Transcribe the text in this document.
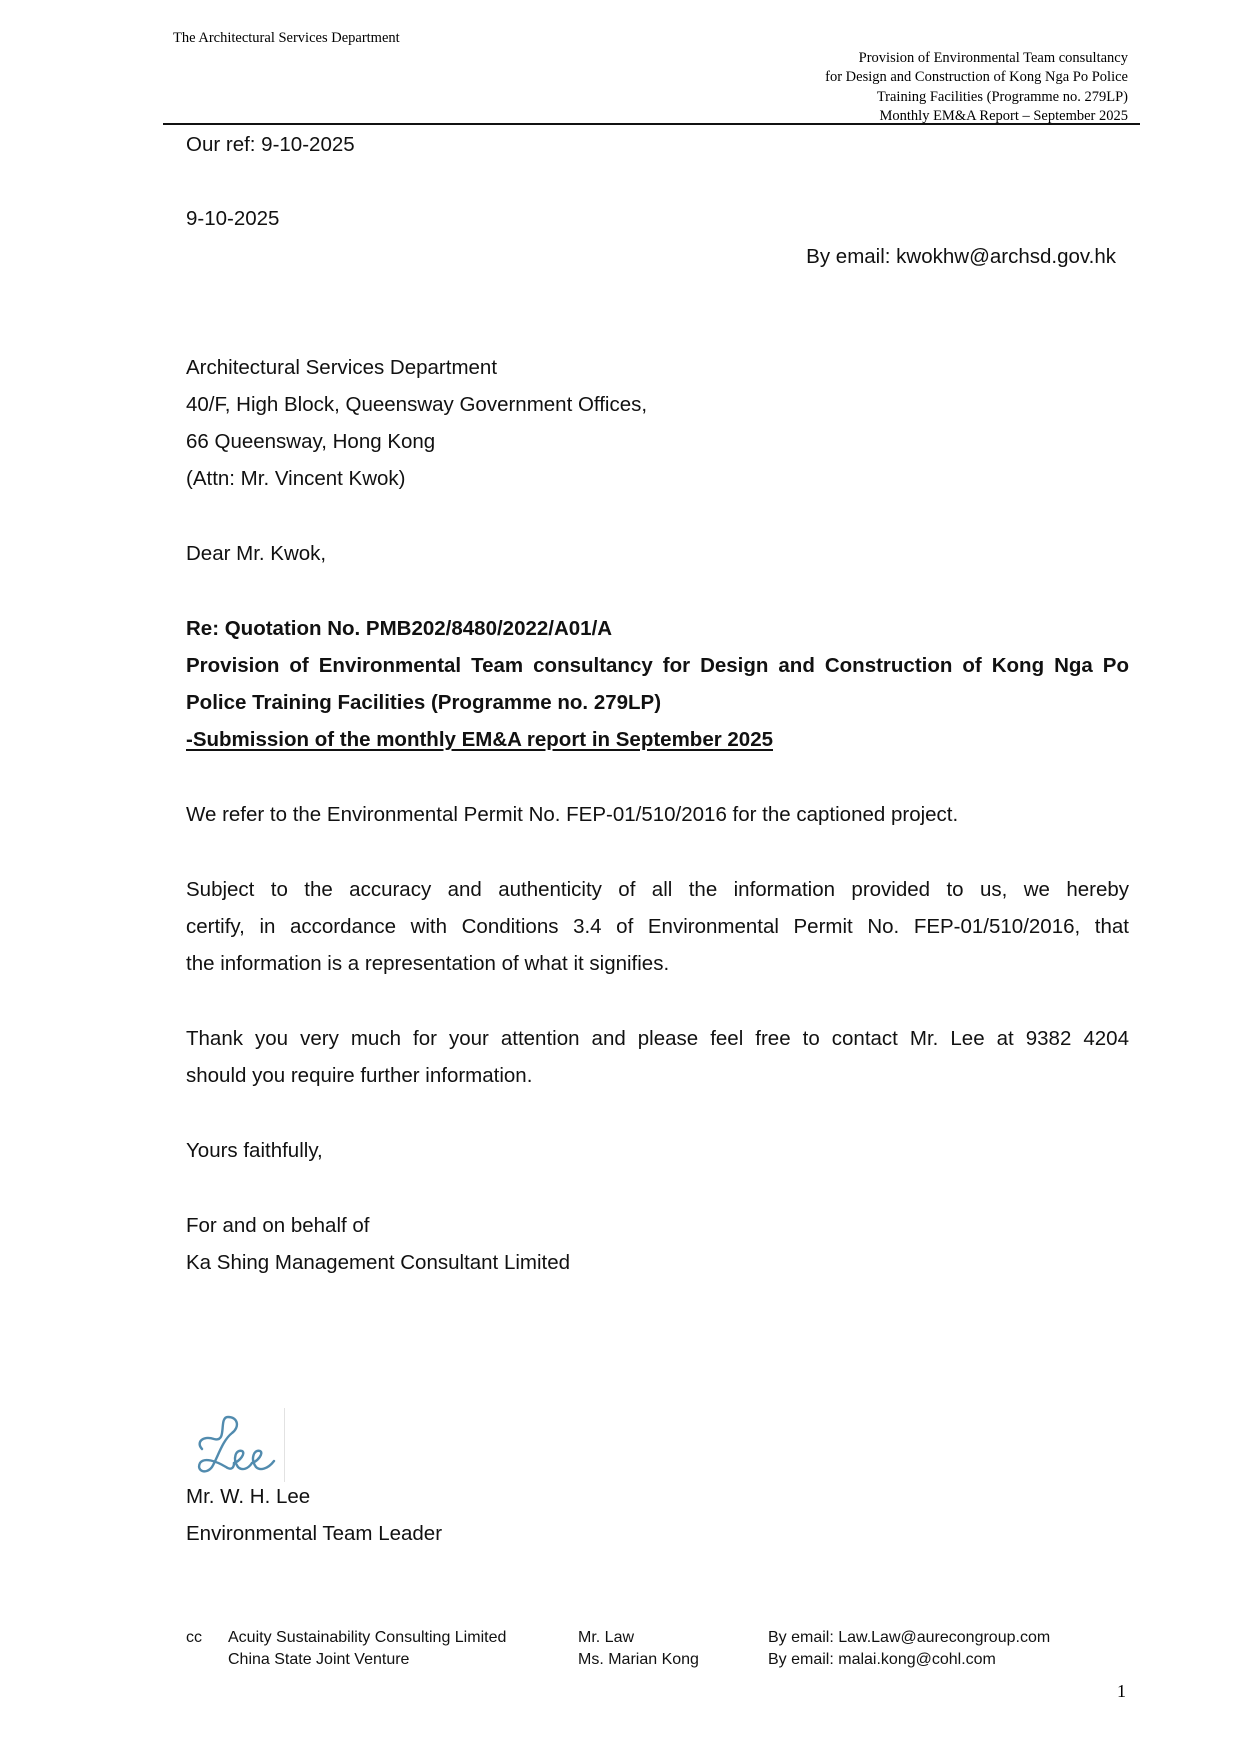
The Architectural Services Department
Provision of Environmental Team consultancy
for Design and Construction of Kong Nga Po Police
Training Facilities (Programme no. 279LP)
Monthly EM&A Report – September 2025
Our ref: 9-10-2025
9-10-2025
By email: kwokhw@archsd.gov.hk
Architectural Services Department
40/F, High Block, Queensway Government Offices,
66 Queensway, Hong Kong
(Attn: Mr. Vincent Kwok)
Dear Mr. Kwok,
Re: Quotation No. PMB202/8480/2022/A01/A
Provision of Environmental Team consultancy for Design and Construction of Kong Nga Po
Police Training Facilities (Programme no. 279LP)
-Submission of the monthly EM&A report in September 2025
We refer to the Environmental Permit No. FEP-01/510/2016 for the captioned project.
Subject to the accuracy and authenticity of all the information provided to us, we hereby
certify, in accordance with Conditions 3.4 of Environmental Permit No. FEP-01/510/2016, that
the information is a representation of what it signifies.
Thank you very much for your attention and please feel free to contact Mr. Lee at 9382 4204
should you require further information.
Yours faithfully,
For and on behalf of
Ka Shing Management Consultant Limited
Mr. W. H. Lee
Environmental Team Leader
cc Acuity Sustainability Consulting Limited	Mr. Law	By email: Law.Law@aurecongroup.com
China State Joint Venture	Ms. Marian Kong	By email: malai.kong@cohl.com
1
